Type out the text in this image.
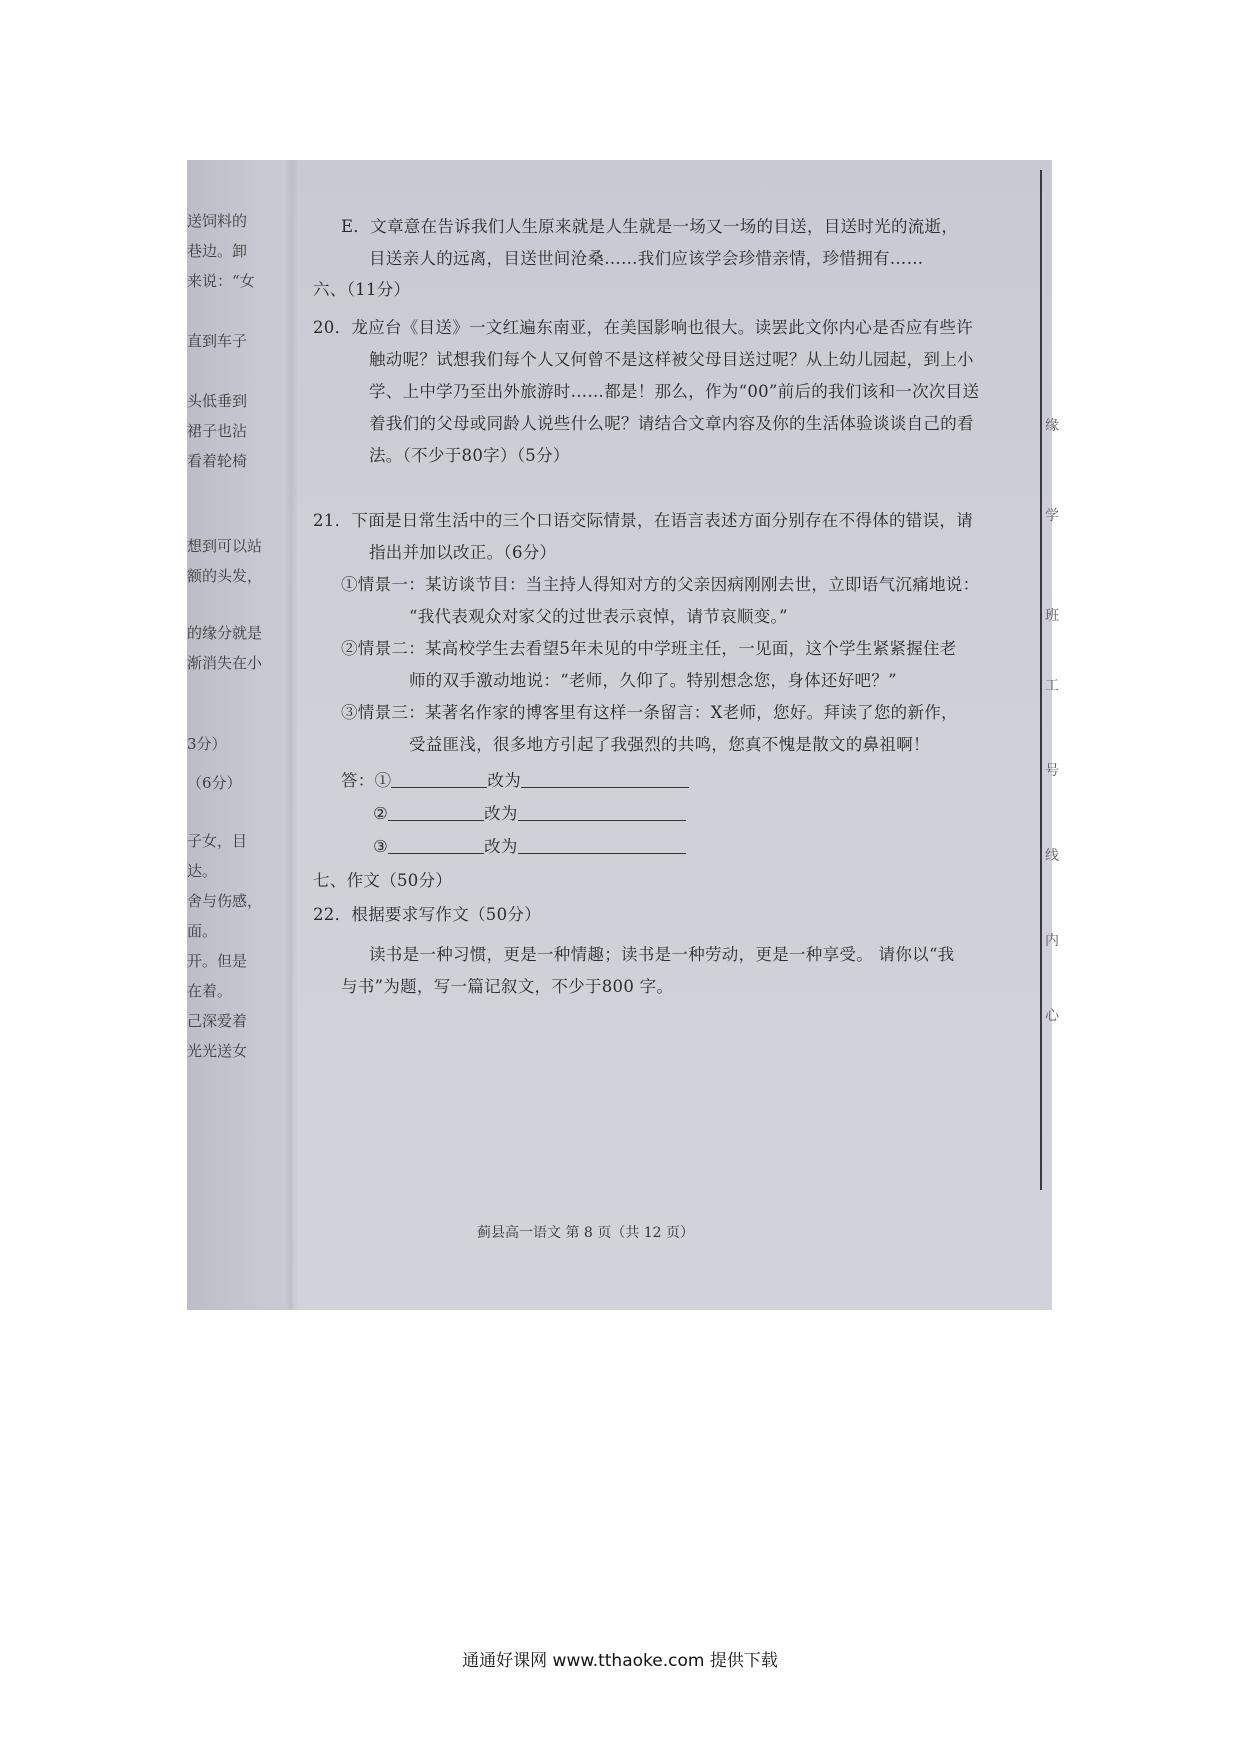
送饲料的
巷边。卸
来说：“女
直到车子
头低垂到
裙子也沾
看着轮椅
想到可以站
额的头发，
的缘分就是
渐消失在小
3分）
（6分）
子女，目
达。
舍与伤感，
面。
开。但是
在着。
己深爱着
光光送女
缘
学
班
工
号
线
内
心
E．文章意在告诉我们人生原来就是人生就是一场又一场的目送，目送时光的流逝，
目送亲人的远离，目送世间沧桑……我们应该学会珍惜亲情，珍惜拥有……
六、（11分）
20．龙应台《目送》一文红遍东南亚，在美国影响也很大。读罢此文你内心是否应有些许
触动呢？试想我们每个人又何曾不是这样被父母目送过呢？从上幼儿园起，到上小
学、上中学乃至出外旅游时……都是！那么，作为“00”前后的我们该和一次次目送
着我们的父母或同龄人说些什么呢？请结合文章内容及你的生活体验谈谈自己的看
法。（不少于80字）（5分）
21．下面是日常生活中的三个口语交际情景，在语言表述方面分别存在不得体的错误，请
指出并加以改正。（6分）
①情景一：某访谈节目：当主持人得知对方的父亲因病刚刚去世，立即语气沉痛地说：
“我代表观众对家父的过世表示哀悼，请节哀顺变。”
②情景二：某高校学生去看望5年未见的中学班主任，一见面，这个学生紧紧握住老
师的双手激动地说：“老师，久仰了。特别想念您，身体还好吧？”
③情景三：某著名作家的博客里有这样一条留言：X老师，您好。拜读了您的新作，
受益匪浅，很多地方引起了我强烈的共鸣，您真不愧是散文的鼻祖啊！
答：①	改为
②	改为
③	改为
七、作文（50分）
22．根据要求写作文（50分）
读书是一种习惯，更是一种情趣；读书是一种劳动，更是一种享受。 请你以“我
与书”为题，写一篇记叙文，不少于800 字。
蓟县高一语文 第 8 页（共 12 页）
通通好课网 www.tthaoke.com 提供下载
